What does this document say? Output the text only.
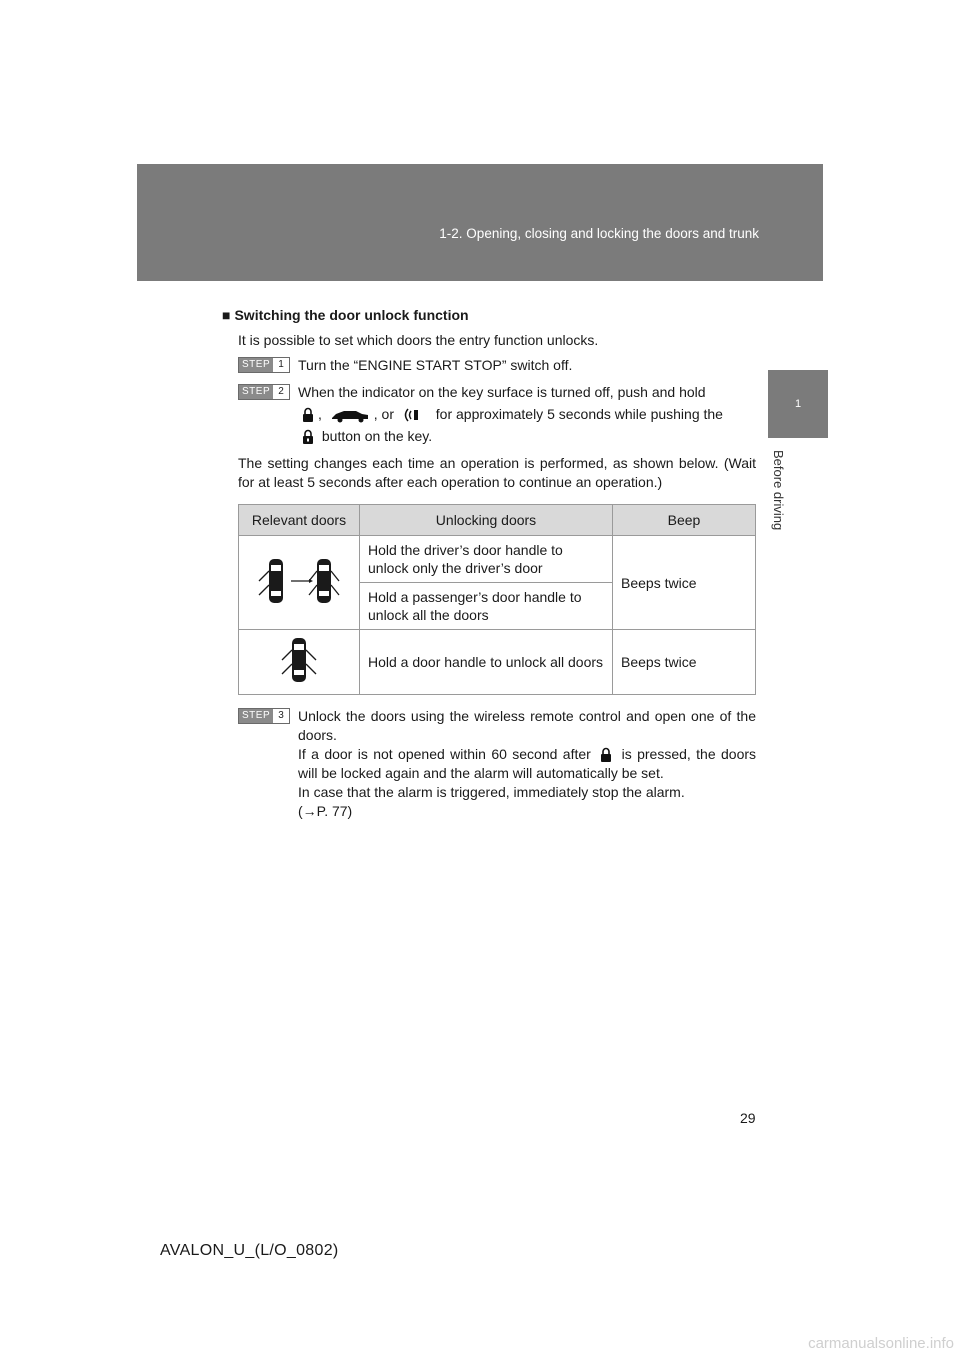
1-2. Opening, closing and locking the doors and trunk
1
Before driving
■ Switching the door unlock function
It is possible to set which doors the entry function unlocks.
STEP 1	Turn the “ENGINE START STOP” switch off.
STEP 2	When the indicator on the key surface is turned off, push and hold
,	, or	for approximately 5 seconds while pushing the
button on the key.
The setting changes each time an operation is performed, as shown below. (Wait for at least 5 seconds after each operation to continue an operation.)
Relevant doors	Unlocking doors	Beep
	Hold the driver’s door handle to unlock only the driver’s door	Beeps twice
	Hold a passenger’s door handle to unlock all the doors	
	Hold a door handle to unlock all doors	Beeps twice
STEP 3	Unlock the doors using the wireless remote control and open one of the doors.
If a door is not opened within 60 second after is pressed, the doors will be locked again and the alarm will automatically be set.
In case that the alarm is triggered, immediately stop the alarm.
(→P. 77)
29
AVALON_U_(L/O_0802)
carmanualsonline.info
